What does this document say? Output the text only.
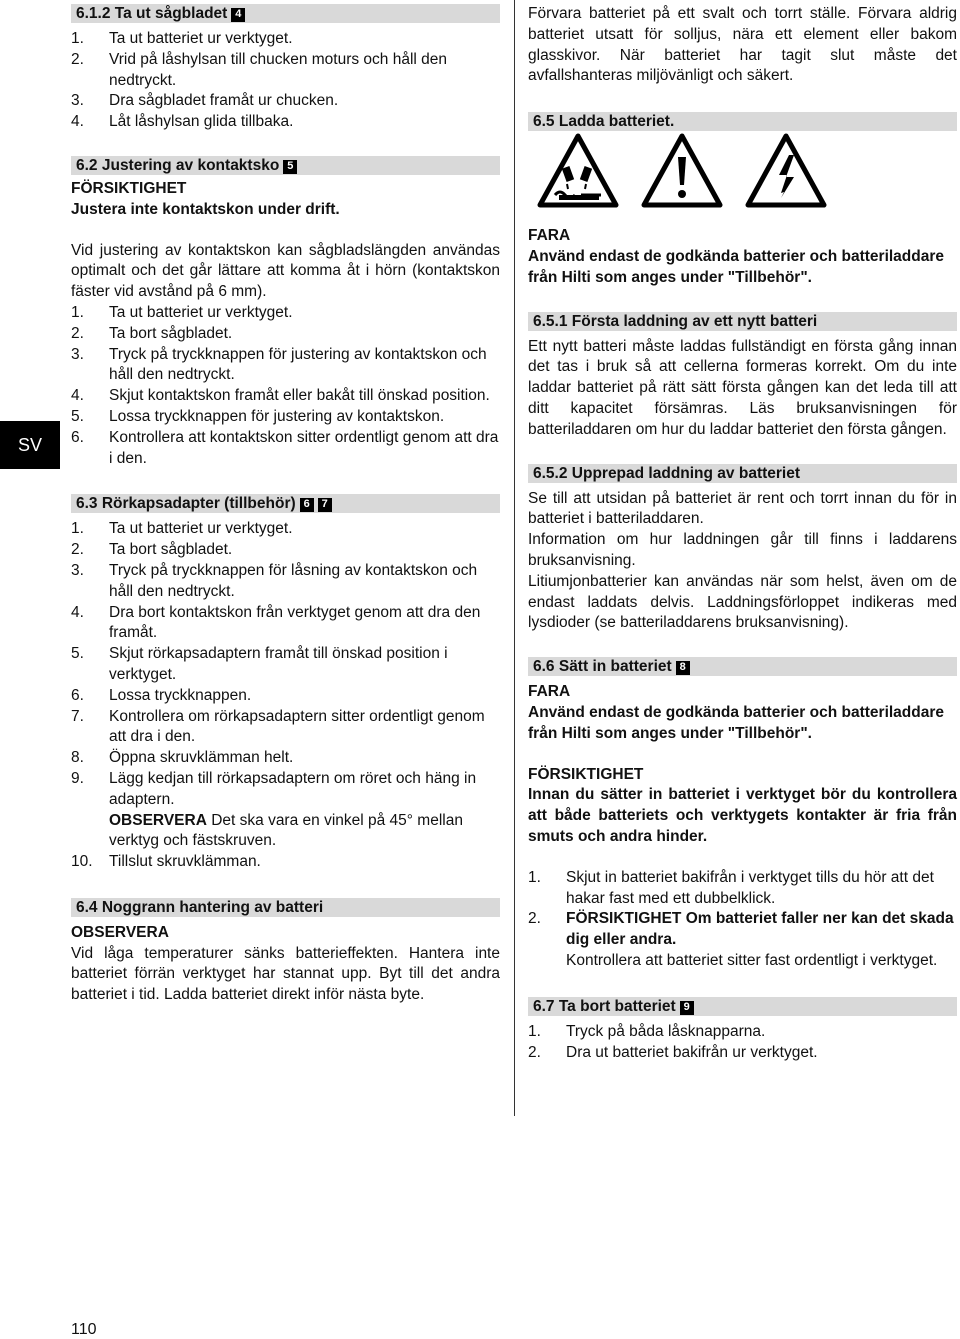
SV
6.1.2 Ta ut sågbladet 4
1. Ta ut batteriet ur verktyget.
2. Vrid på låshylsan till chucken moturs och håll den nedtryckt.
3. Dra sågbladet framåt ur chucken.
4. Låt låshylsan glida tillbaka.
6.2 Justering av kontaktsko 5
FÖRSIKTIGHET
Justera inte kontaktskon under drift.

Vid justering av kontaktskon kan sågbladslängden användas optimalt och det går lättare att komma åt i hörn (kontaktskon fäster vid avstånd på 6 mm).

1. Ta ut batteriet ur verktyget.
2. Ta bort sågbladet.
3. Tryck på tryckknappen för justering av kontaktskon och håll den nedtryckt.
4. Skjut kontaktskon framåt eller bakåt till önskad position.
5. Lossa tryckknappen för justering av kontaktskon.
6. Kontrollera att kontaktskon sitter ordentligt genom att dra i den.
6.3 Rörkapsadapter (tillbehör) 6 7
1. Ta ut batteriet ur verktyget.
2. Ta bort sågbladet.
3. Tryck på tryckknappen för låsning av kontaktskon och håll den nedtryckt.
4. Dra bort kontaktskon från verktyget genom att dra den framåt.
5. Skjut rörkapsadaptern framåt till önskad position i verktyget.
6. Lossa tryckknappen.
7. Kontrollera om rörkapsadaptern sitter ordentligt genom att dra i den.
8. Öppna skruvklämman helt.
9. Lägg kedjan till rörkapsadaptern om röret och häng in adaptern.
OBSERVERA Det ska vara en vinkel på 45° mellan verktyg och fästskruven.
10. Tillslut skruvklämman.
6.4 Noggrann hantering av batteri
OBSERVERA

Vid låga temperaturer sänks batterieffekten. Hantera inte batteriet förrän verktyget har stannat upp. Byt till det andra batteriet i tid. Ladda batteriet direkt inför nästa byte.

Förvara batteriet på ett svalt och torrt ställe. Förvara aldrig batteriet utsatt för solljus, nära ett element eller bakom glasskivor. När batteriet har tagit slut måste det avfallshanteras miljövänligt och säkert.

6.5 Ladda batteriet.
FARA
Använd endast de godkända batterier och batteriladdare från Hilti som anges under "Tillbehör".
6.5.1 Första laddning av ett nytt batteri

Ett nytt batteri måste laddas fullständigt en första gång innan det tas i bruk så att cellerna formeras korrekt. Om du inte laddar batteriet på rätt sätt första gången kan det leda till att ditt kapacitet försämras. Läs bruksanvisningen för batteriladdaren om hur du laddar batteriet den första gången.

6.5.2 Upprepad laddning av batteriet

Se till att utsidan på batteriet är rent och torrt innan du för in batteriet i batteriladdaren.

Information om hur laddningen går till finns i laddarens bruksanvisning.

Litiumjonbatterier kan användas när som helst, även om de endast laddats delvis. Laddningsförloppet indikeras med lysdioder (se batteriladdarens bruksanvisning).

6.6 Sätt in batteriet 8
FARA
Använd endast de godkända batterier och batteriladdare från Hilti som anges under "Tillbehör".
FÖRSIKTIGHET

Innan du sätter in batteriet i verktyget bör du kontrollera att både batteriets och verktygets kontakter är fria från smuts och andra hinder.

1. Skjut in batteriet bakifrån i verktyget tills du hör att det hakar fast med ett dubbelklick.
2. FÖRSIKTIGHET Om batteriet faller ner kan det skada dig eller andra.
Kontrollera att batteriet sitter fast ordentligt i verktyget.
6.7 Ta bort batteriet 9
1. Tryck på båda låsknapparna.
2. Dra ut batteriet bakifrån ur verktyget.
110
